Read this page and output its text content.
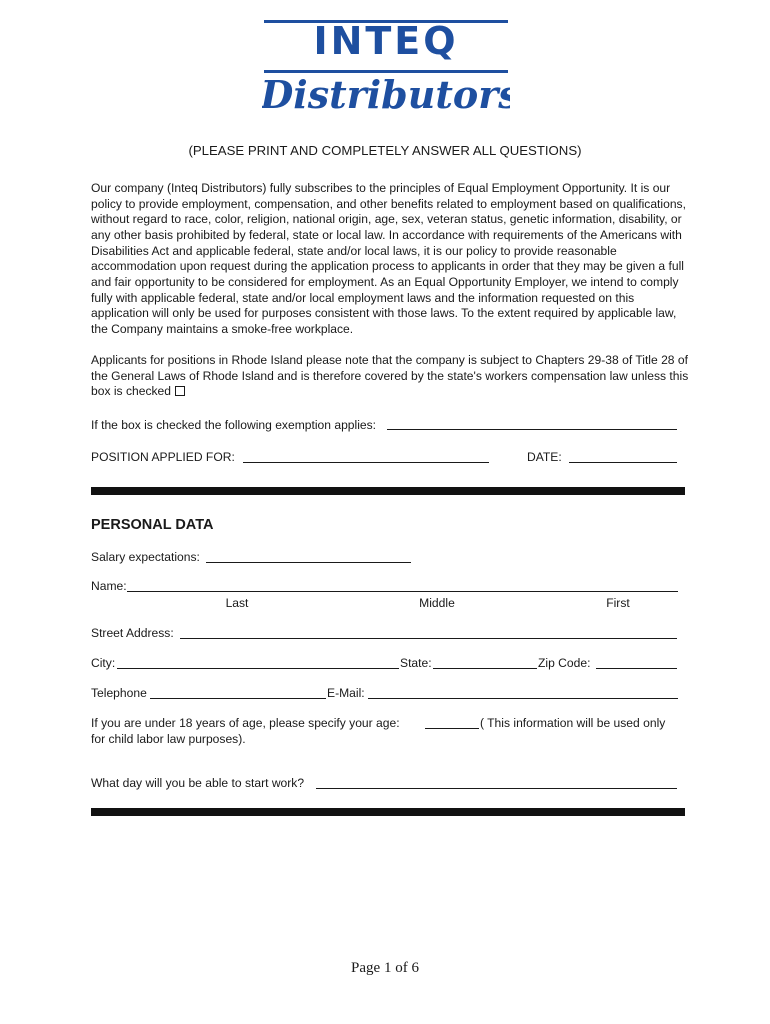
INTEQ
Distributors
(PLEASE PRINT AND COMPLETELY ANSWER ALL QUESTIONS)
Our company (Inteq Distributors) fully subscribes to the principles of Equal Employment Opportunity. It is our policy to provide employment, compensation, and other benefits related to employment based on qualifications, without regard to race, color, religion, national origin, age, sex, veteran status, genetic information, disability, or any other basis prohibited by federal, state or local law. In accordance with requirements of the Americans with Disabilities Act and applicable federal, state and/or local laws, it is our policy to provide reasonable accommodation upon request during the application process to applicants in order that they may be given a full and fair opportunity to be considered for employment. As an Equal Opportunity Employer, we intend to comply fully with applicable federal, state and/or local employment laws and the information requested on this application will only be used for purposes consistent with those laws. To the extent required by applicable law, the Company maintains a smoke-free workplace.
Applicants for positions in Rhode Island please note that the company is subject to Chapters 29-38 of Title 28 of the General Laws of Rhode Island and is therefore covered by the state's workers compensation law unless this box is checked
If the box is checked the following exemption applies:
POSITION APPLIED FOR:	DATE:
PERSONAL DATA
Salary expectations:
Name:
Last	Middle	First
Street Address:
City:	State:	Zip Code:
Telephone	E-Mail:
If you are under 18 years of age, please specify your age:	( This information will be used only
for child labor law purposes).
What day will you be able to start work?
Page 1 of 6
